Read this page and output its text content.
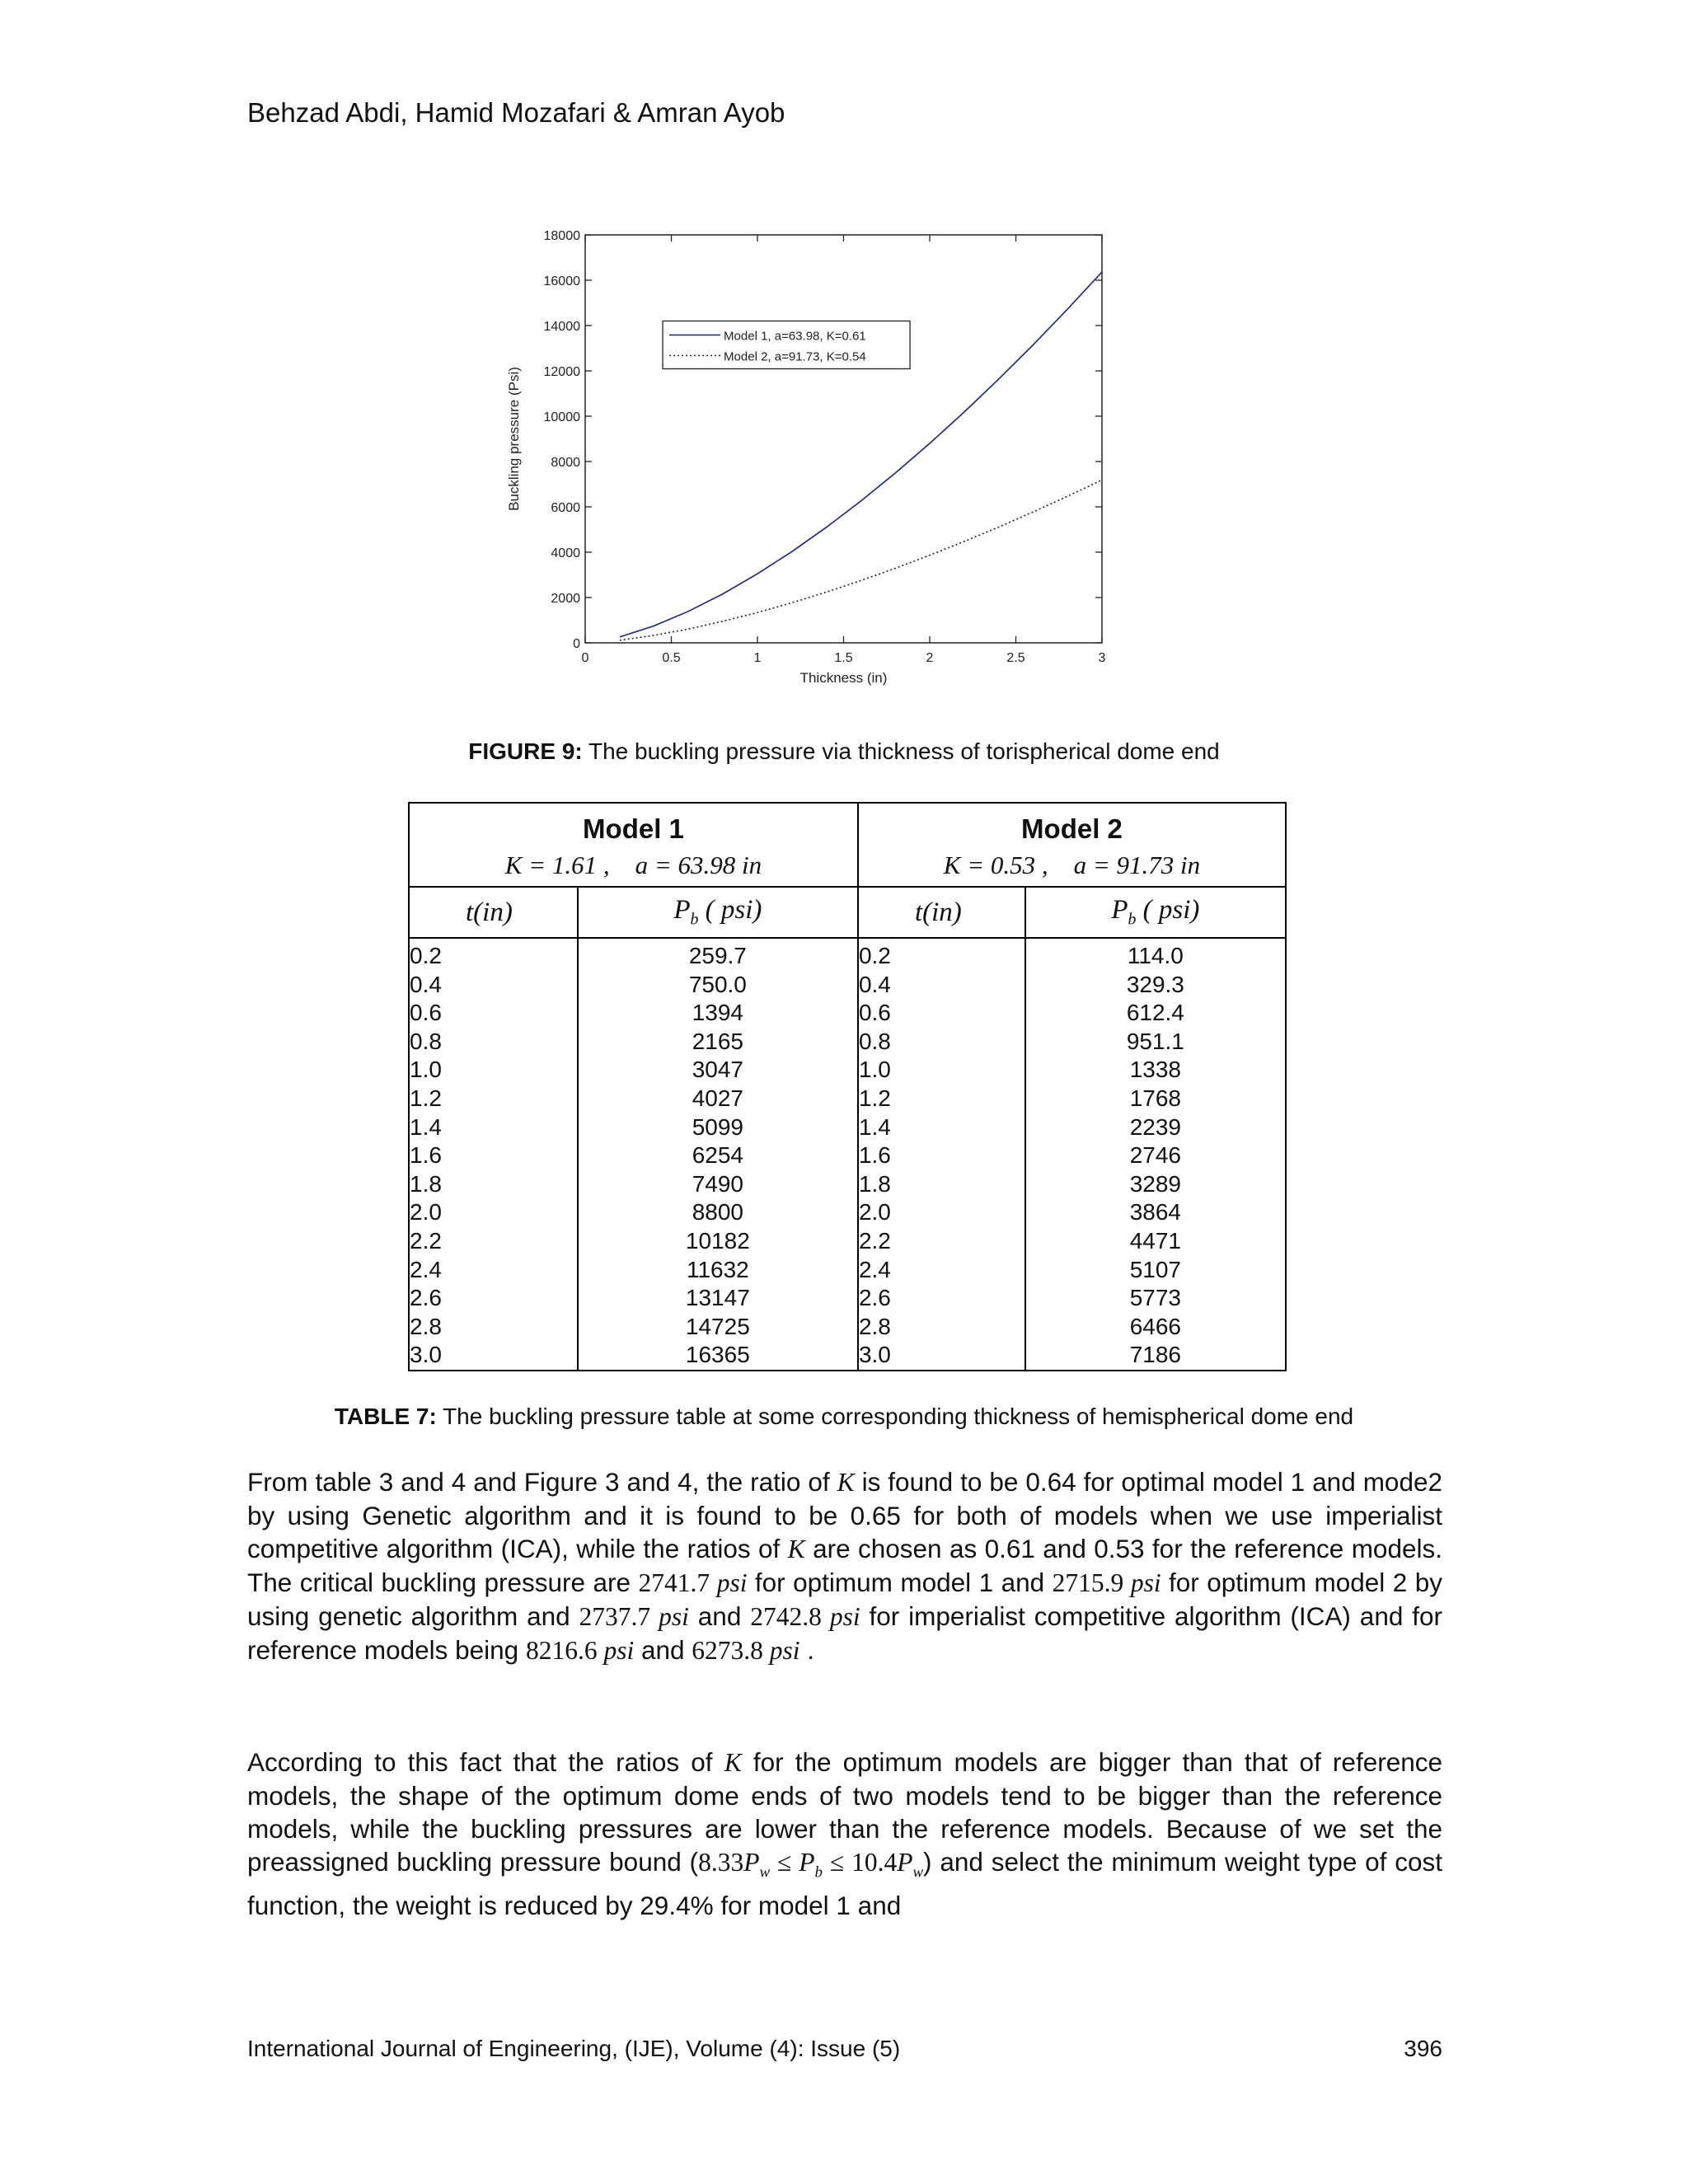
Behzad Abdi, Hamid Mozafari & Amran Ayob
0
2000
4000
6000
8000
10000
12000
14000
16000
18000
0	0.5	1	1.5	2	2.5	3
Thickness (in)
Buckling pressure (Psi)
Model 1, a=63.98, K=0.61
Model 2, a=91.73, K=0.54
FIGURE 9: The buckling pressure via thickness of torispherical dome end
Model 1		Model 2	
K = 1.61 , a = 63.98 in		K = 0.53 , a = 91.73 in	
t(in)	$P_b$ ( psi)	t(in)	$P_b$ ( psi)
0.2	259.7	0.2	114.0
0.4	750.0	0.4	329.3
0.6	1394	0.6	612.4
0.8	2165	0.8	951.1
1.0	3047	1.0	1338
1.2	4027	1.2	1768
1.4	5099	1.4	2239
1.6	6254	1.6	2746
1.8	7490	1.8	3289
2.0	8800	2.0	3864
2.2	10182	2.2	4471
2.4	11632	2.4	5107
2.6	13147	2.6	5773
2.8	14725	2.8	6466
3.0	16365	3.0	7186
TABLE 7: The buckling pressure table at some corresponding thickness of hemispherical dome end
From table 3 and 4 and Figure 3 and 4, the ratio of K is found to be 0.64 for optimal model 1 and mode2 by using Genetic algorithm and it is found to be 0.65 for both of models when we use imperialist competitive algorithm (ICA), while the ratios of K are chosen as 0.61 and 0.53 for the reference models. The critical buckling pressure are 2741.7 psi for optimum model 1 and 2715.9 psi for optimum model 2 by using genetic algorithm and 2737.7 psi and 2742.8 psi for imperialist competitive algorithm (ICA) and for reference models being 8216.6 psi and 6273.8 psi .
According to this fact that the ratios of K for the optimum models are bigger than that of reference models, the shape of the optimum dome ends of two models tend to be bigger than the reference models, while the buckling pressures are lower than the reference models. Because of we set the preassigned buckling pressure bound $(8.33P_w \le P_b \le 10.4P_w)$ and select the minimum weight type of cost function, the weight is reduced by 29.4% for model 1 and
International Journal of Engineering, (IJE), Volume (4): Issue (5)	396
